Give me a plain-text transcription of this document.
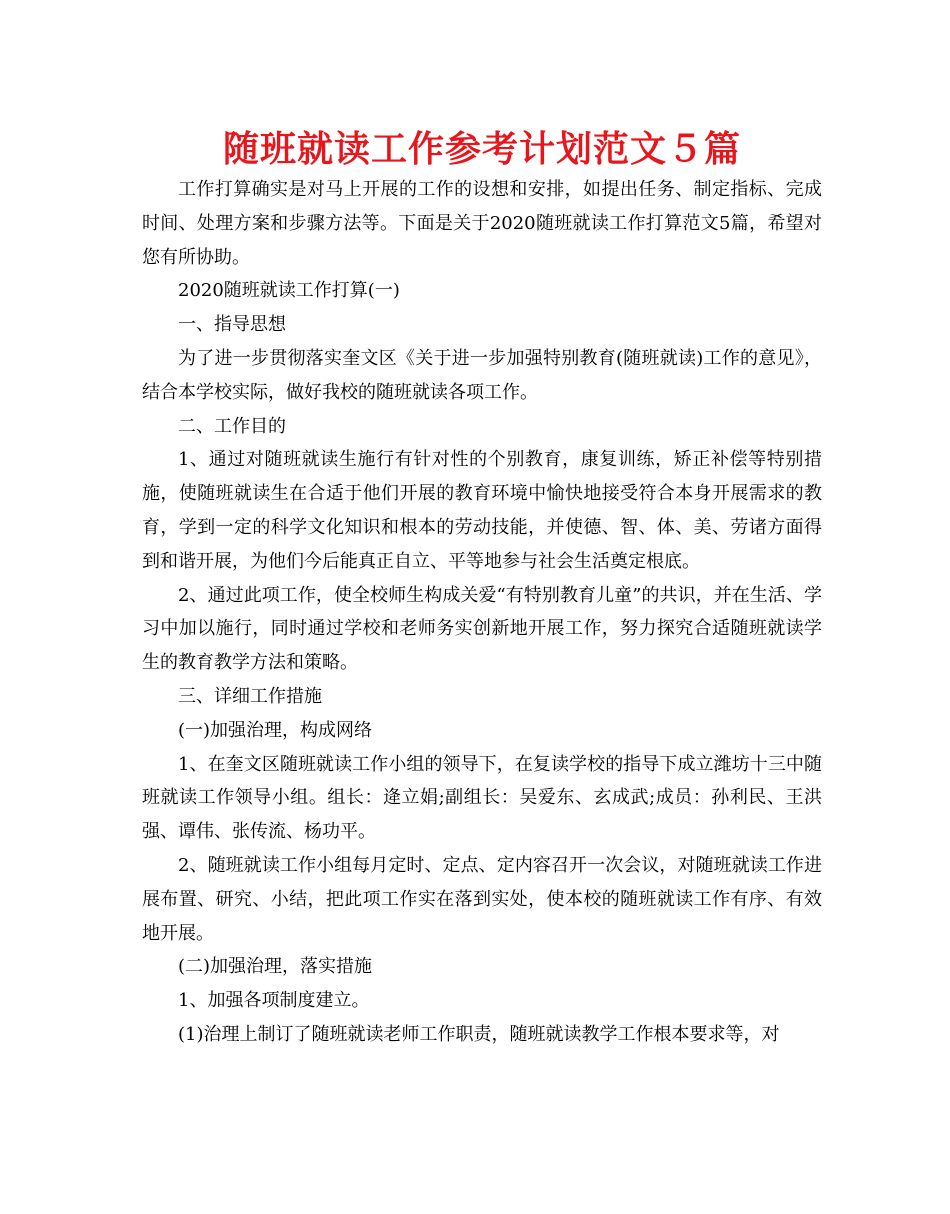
随班就读工作参考计划范文５篇

工作打算确实是对马上开展的工作的设想和安排，如提出任务、制定指标、完成时间、处理方案和步骤方法等。下面是关于2020随班就读工作打算范文5篇，希望对您有所协助。

2020随班就读工作打算(一)

一、指导思想

为了进一步贯彻落实奎文区《关于进一步加强特别教育(随班就读)工作的意见》，结合本学校实际，做好我校的随班就读各项工作。

二、工作目的

1、通过对随班就读生施行有针对性的个别教育，康复训练，矫正补偿等特别措施，使随班就读生在合适于他们开展的教育环境中愉快地接受符合本身开展需求的教育，学到一定的科学文化知识和根本的劳动技能，并使德、智、体、美、劳诸方面得到和谐开展，为他们今后能真正自立、平等地参与社会生活奠定根底。

2、通过此项工作，使全校师生构成关爱“有特别教育儿童”的共识，并在生活、学习中加以施行，同时通过学校和老师务实创新地开展工作，努力探究合适随班就读学生的教育教学方法和策略。

三、详细工作措施

(一)加强治理，构成网络

1、在奎文区随班就读工作小组的领导下，在复读学校的指导下成立潍坊十三中随班就读工作领导小组。组长：逄立娟;副组长：吴爱东、玄成武;成员：孙利民、王洪强、谭伟、张传流、杨功平。

2、随班就读工作小组每月定时、定点、定内容召开一次会议，对随班就读工作进展布置、研究、小结，把此项工作实在落到实处，使本校的随班就读工作有序、有效地开展。

(二)加强治理，落实措施

1、加强各项制度建立。

(1)治理上制订了随班就读老师工作职责，随班就读教学工作根本要求等，对
